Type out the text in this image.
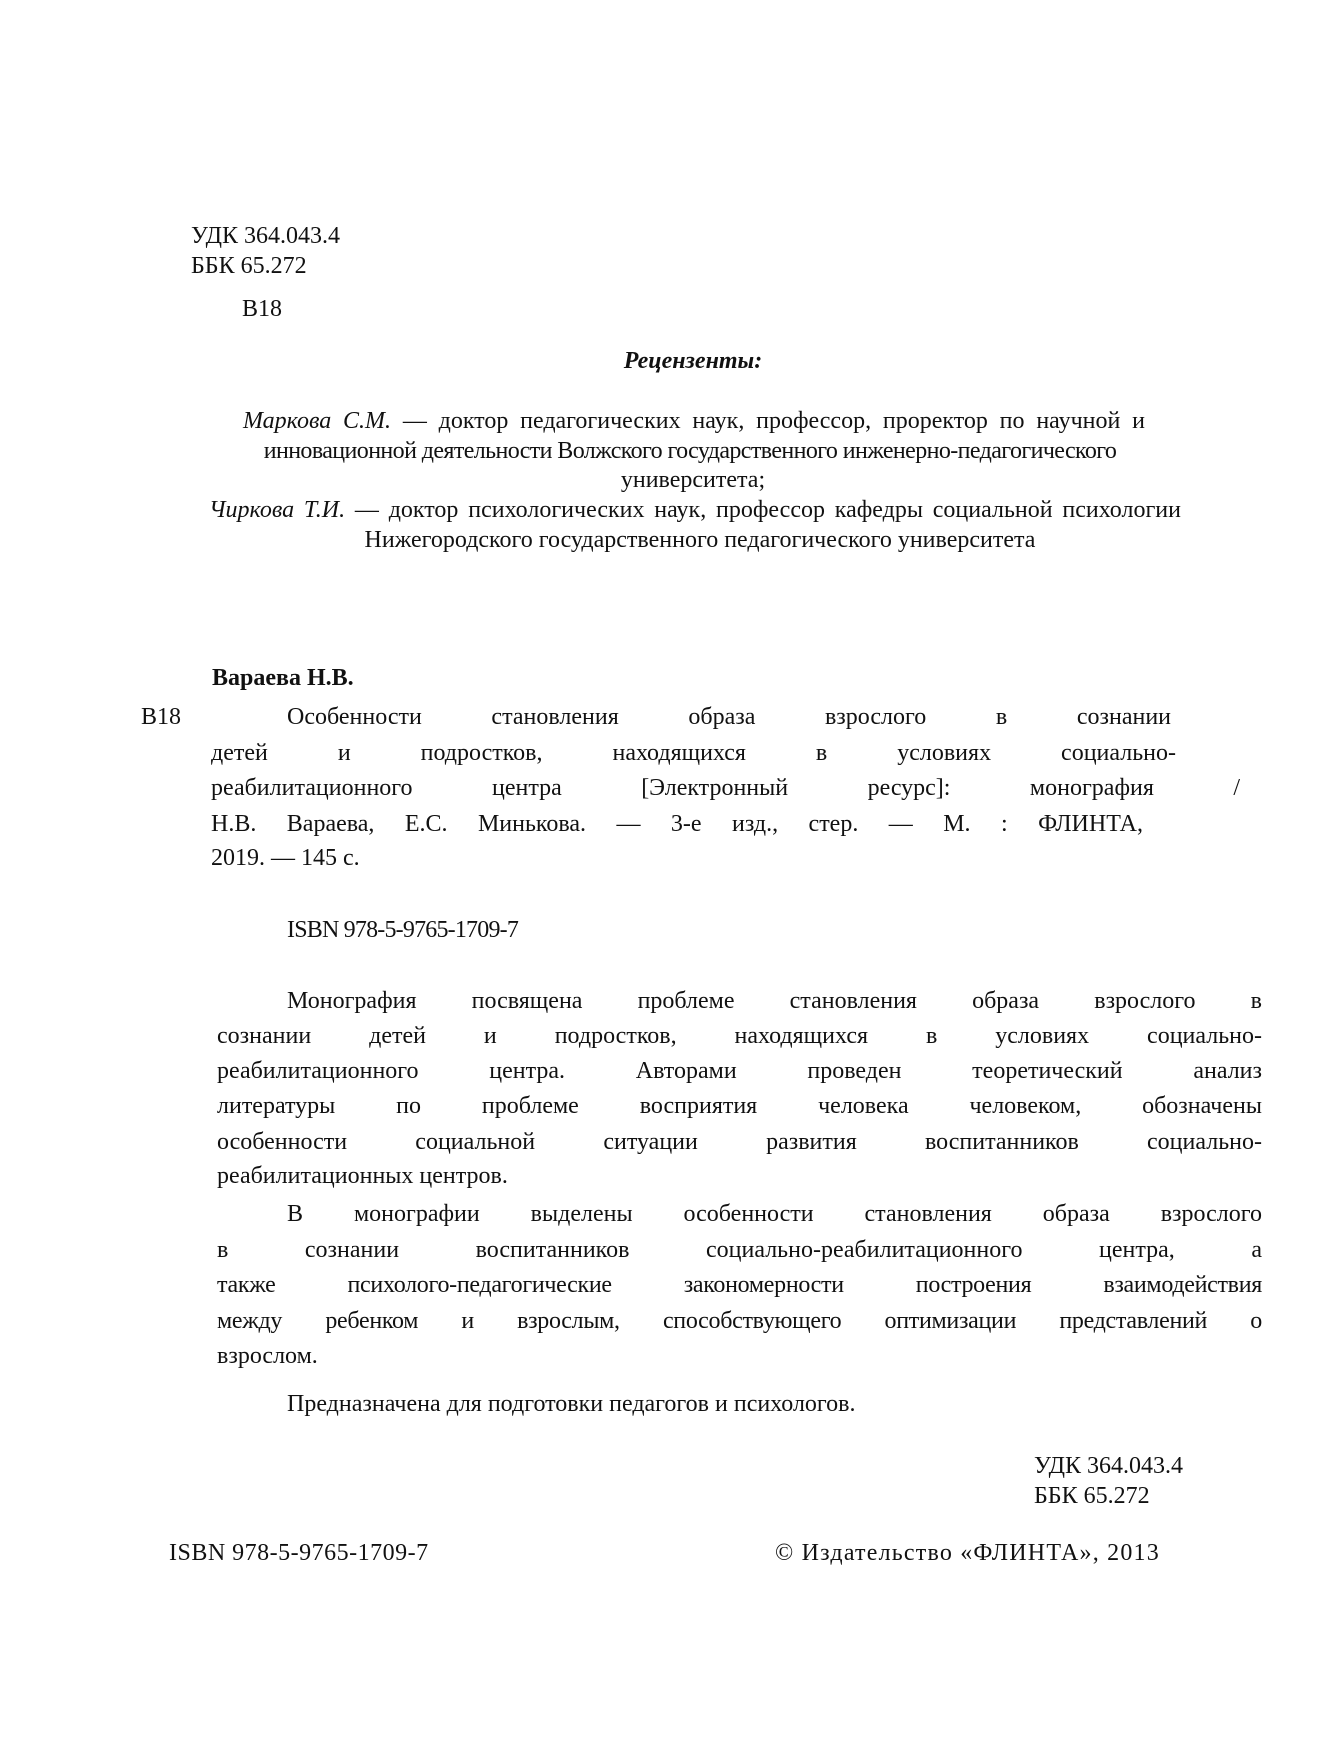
УДК 364.043.4
ББК 65.272
В18
Рецензенты:
Маркова С.М. — доктор педагогических наук, профессор, проректор по научной и
инновационной деятельности Волжского государственного инженерно-педагогического
университета;
Чиркова Т.И. — доктор психологических наук, профессор кафедры социальной психологии
Нижегородского государственного педагогического университета
Вараева Н.В.
В18	Особенности становления образа взрослого в сознании
детей и подростков, находящихся в условиях социально-
реабилитационного центра [Электронный ресурс]: монография /
Н.В. Вараева, Е.С. Минькова. — 3-е изд., стер. — М. : ФЛИНТА,
2019. — 145 с.
ISBN 978-5-9765-1709-7
Монография посвящена проблеме становления образа взрослого в
сознании детей и подростков, находящихся в условиях социально-
реабилитационного центра. Авторами проведен теоретический анализ
литературы по проблеме восприятия человека человеком, обозначены
особенности социальной ситуации развития воспитанников социально-
реабилитационных центров.
В монографии выделены особенности становления образа взрослого
в сознании воспитанников социально-реабилитационного центра, а
также психолого-педагогические закономерности построения взаимодействия
между ребенком и взрослым, способствующего оптимизации представлений о
взрослом.
Предназначена для подготовки педагогов и психологов.
УДК 364.043.4
ББК 65.272
ISBN 978-5-9765-1709-7	© Издательство «ФЛИНТА», 2013
